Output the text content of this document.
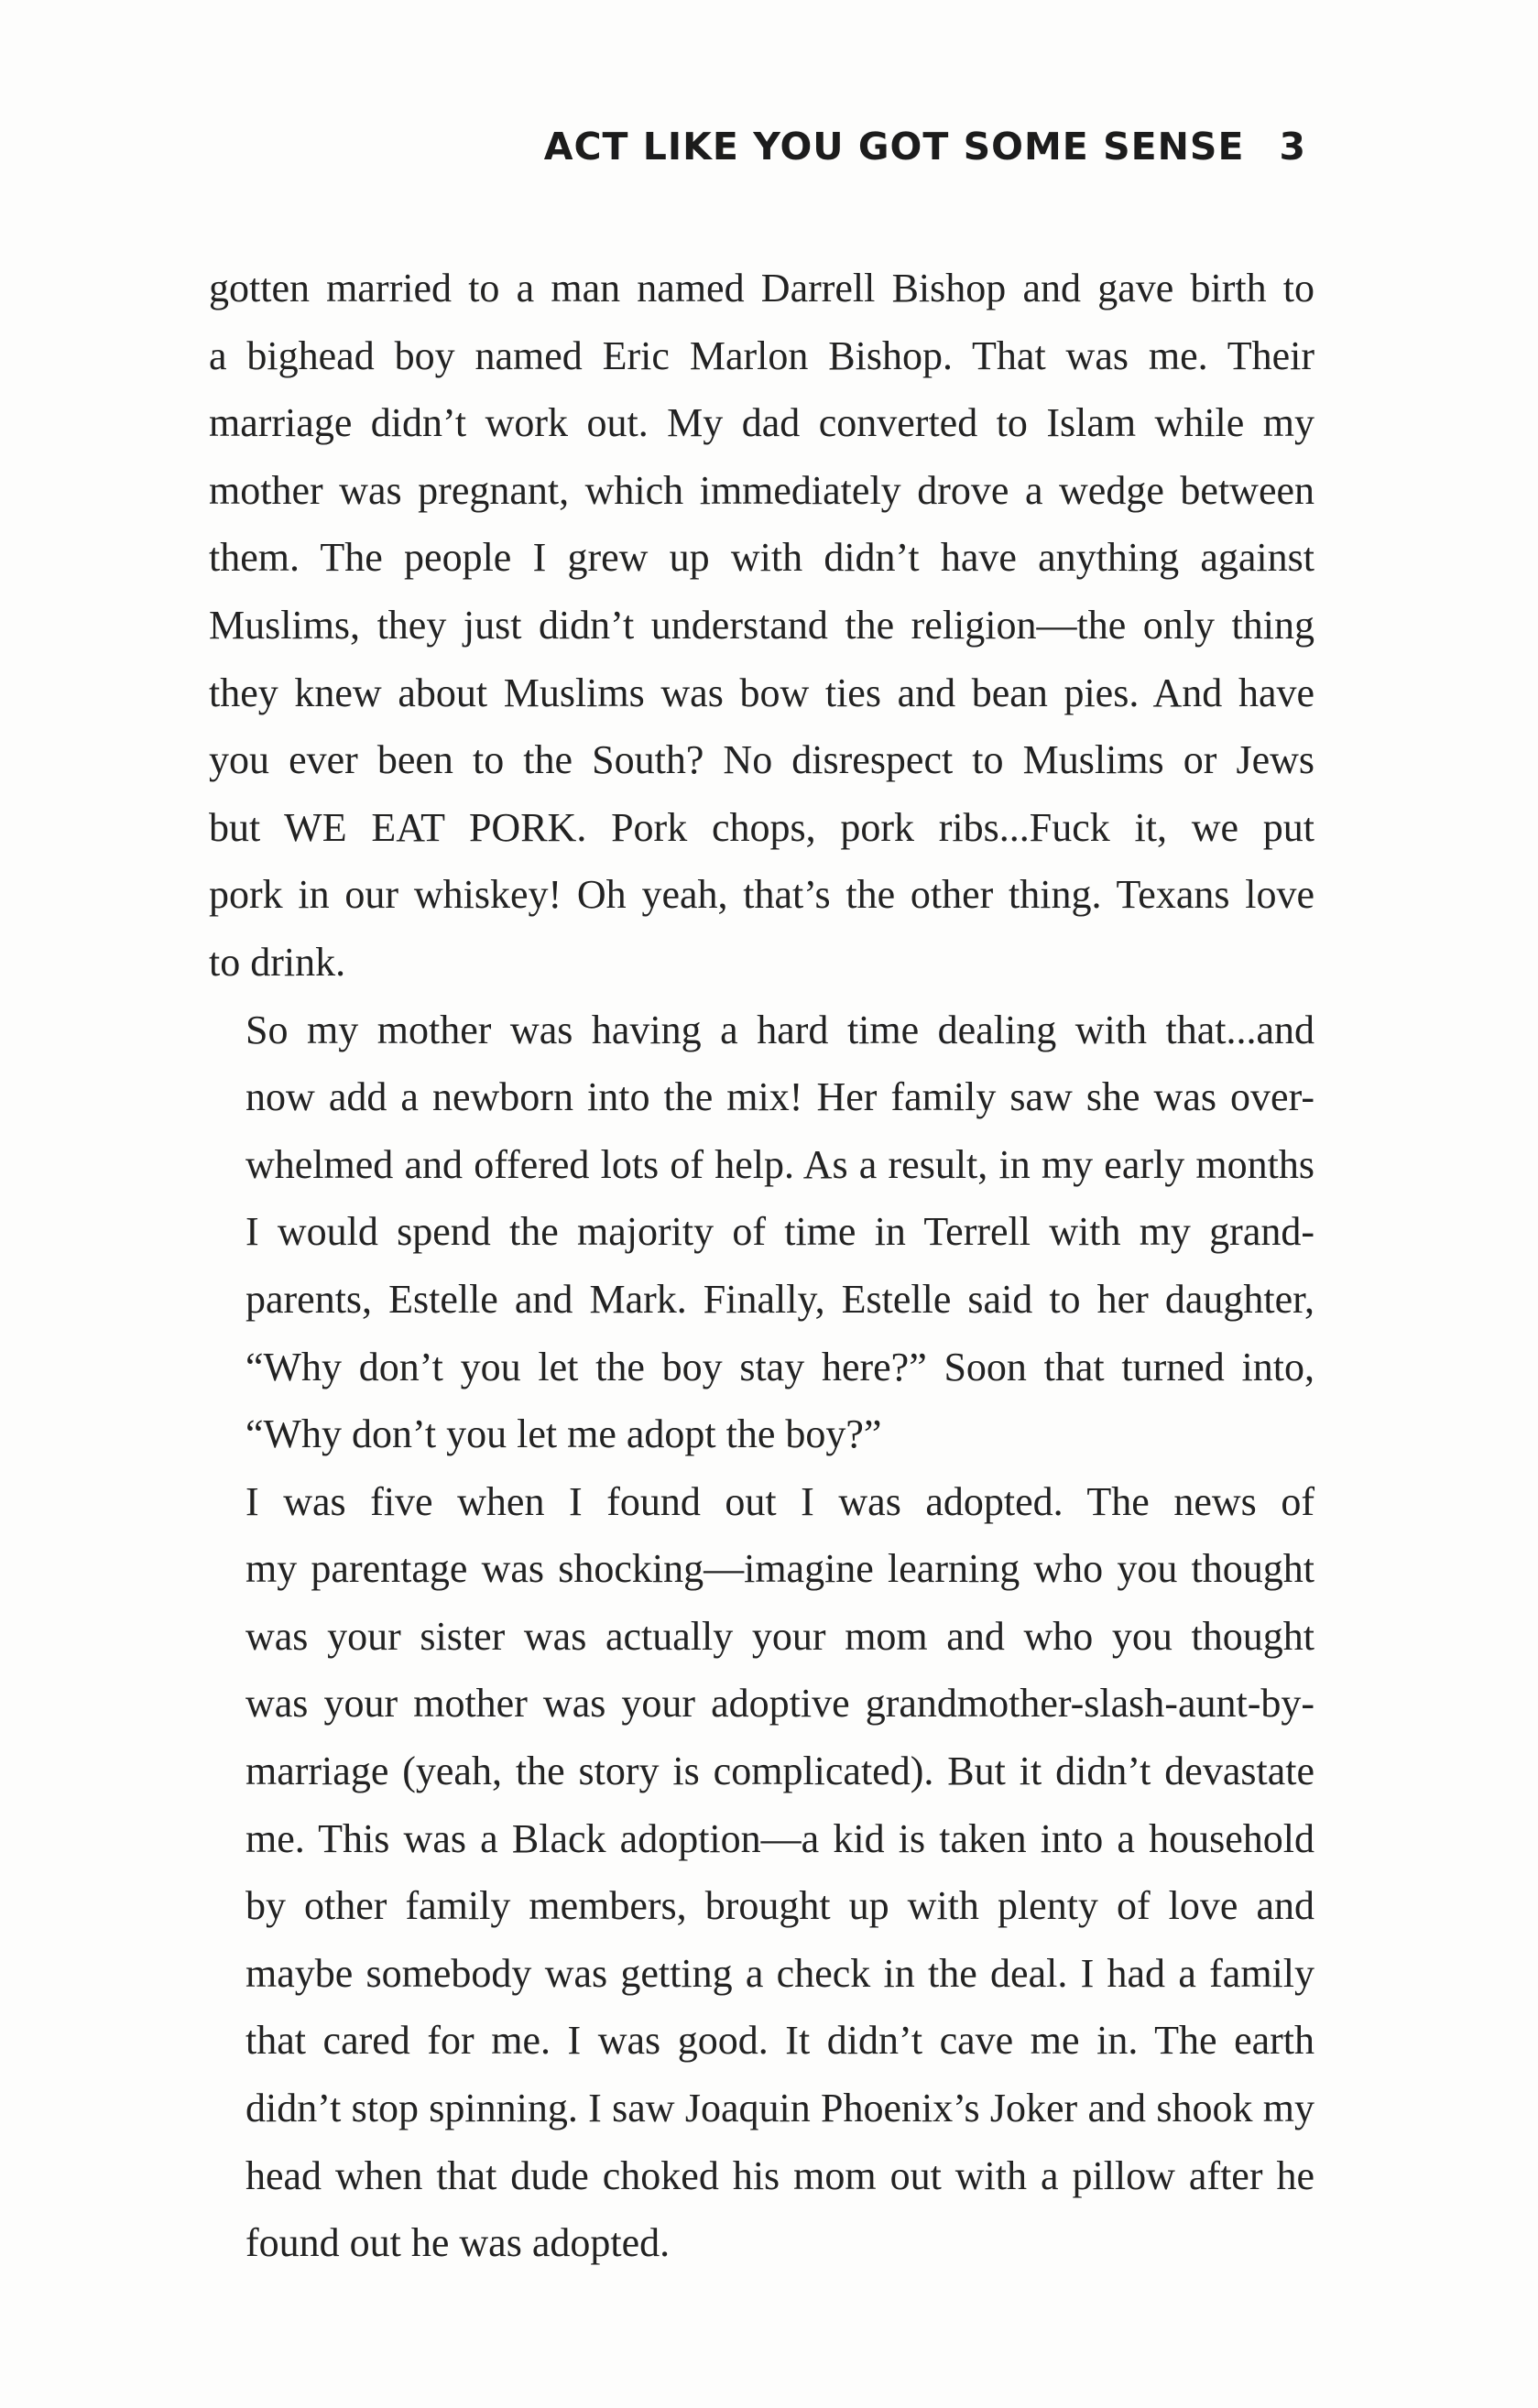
ACT LIKE YOU GOT SOME SENSE 3

gotten married to a man named Darrell Bishop and gave birth to
a bighead boy named Eric Marlon Bishop. That was me. Their
marriage didn’t work out. My dad converted to Islam while my
mother was pregnant, which immediately drove a wedge between
them. The people I grew up with didn’t have anything against
Muslims, they just didn’t understand the religion—the only thing
they knew about Muslims was bow ties and bean pies. And have
you ever been to the South? No disrespect to Muslims or Jews
but WE EAT PORK. Pork chops, pork ribs...Fuck it, we put
pork in our whiskey! Oh yeah, that’s the other thing. Texans love
to drink.

So my mother was having a hard time dealing with that...and
now add a newborn into the mix! Her family saw she was over-
whelmed and offered lots of help. As a result, in my early months
I would spend the majority of time in Terrell with my grand-
parents, Estelle and Mark. Finally, Estelle said to her daughter,
“Why don’t you let the boy stay here?” Soon that turned into,
“Why don’t you let me adopt the boy?”

I was five when I found out I was adopted. The news of
my parentage was shocking—imagine learning who you thought
was your sister was actually your mom and who you thought
was your mother was your adoptive grandmother-slash-aunt-by-
marriage (yeah, the story is complicated). But it didn’t devastate
me. This was a Black adoption—a kid is taken into a household
by other family members, brought up with plenty of love and
maybe somebody was getting a check in the deal. I had a family
that cared for me. I was good. It didn’t cave me in. The earth
didn’t stop spinning. I saw Joaquin Phoenix’s Joker and shook my
head when that dude choked his mom out with a pillow after he
found out he was adopted.
